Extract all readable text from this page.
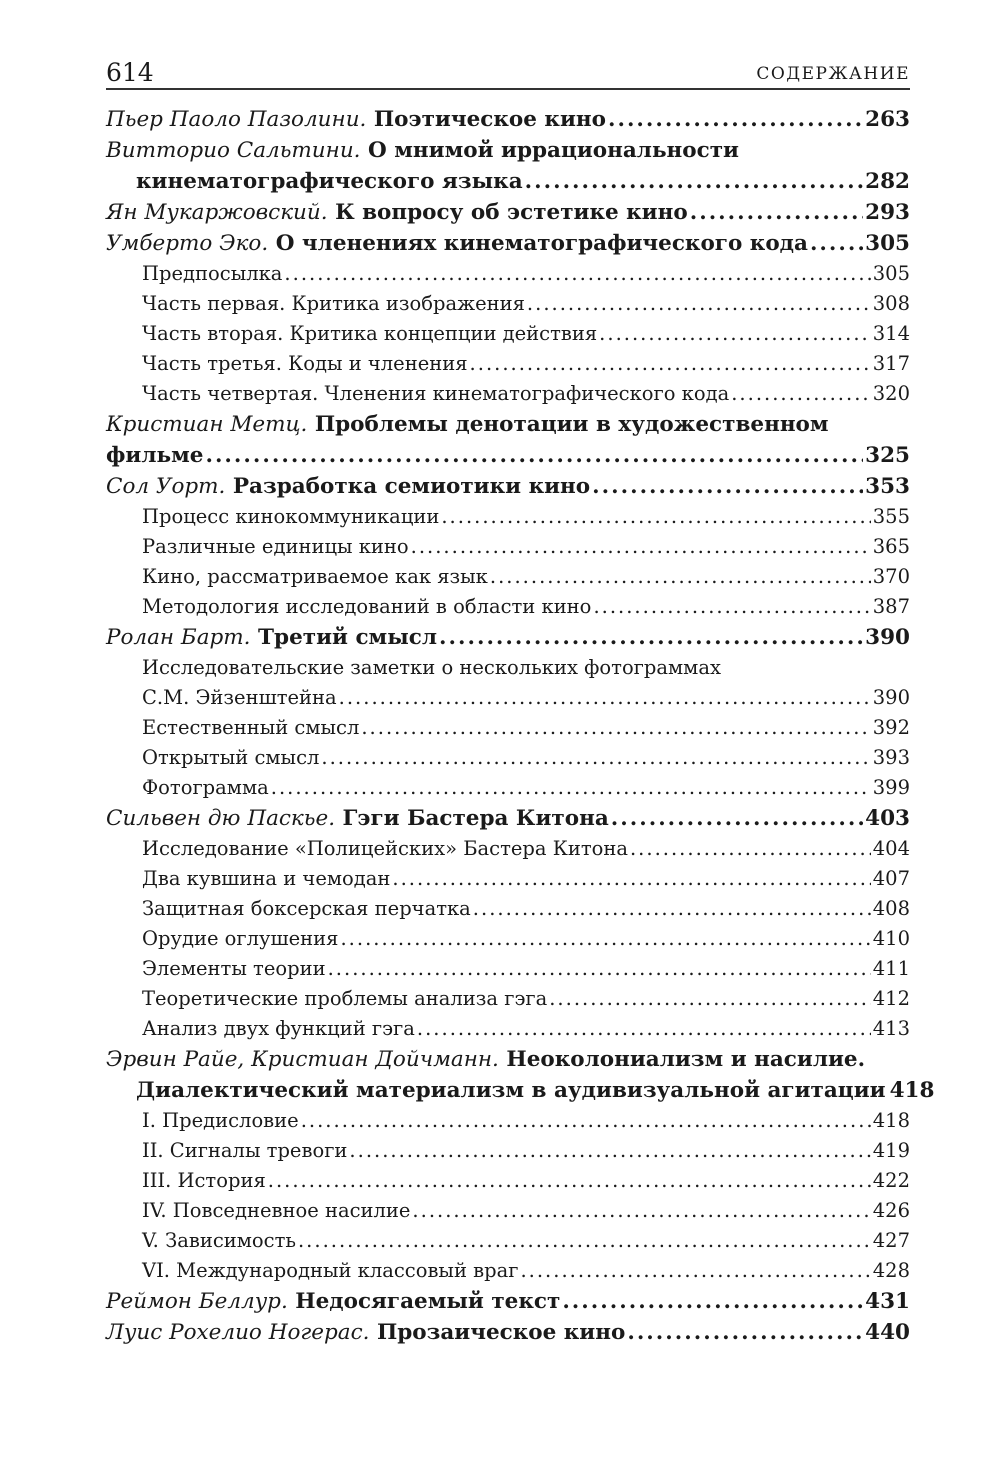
614	СОДЕРЖАНИЕ
Пьер Паоло Пазолини. Поэтическое кино .....	263
Витторио Сальтини. О мнимой иррациональности
кинематографического языка .....	282
Ян Мукаржовский. К вопросу об эстетике кино .....	293
Умберто Эко. О членениях кинематографического кода .....	305
Предпосылка .....	305
Часть первая. Критика изображения .....	308
Часть вторая. Критика концепции действия .....	314
Часть третья. Коды и членения .....	317
Часть четвертая. Членения кинематографического кода .....	320
Кристиан Метц. Проблемы денотации в художественном
фильме .....	325
Сол Уорт. Разработка семиотики кино .....	353
Процесс кинокоммуникации .....	355
Различные единицы кино .....	365
Кино, рассматриваемое как язык .....	370
Методология исследований в области кино .....	387
Ролан Барт. Третий смысл .....	390
Исследовательские заметки о нескольких фотограммах
С.М. Эйзенштейна .....	390
Естественный смысл .....	392
Открытый смысл .....	393
Фотограмма .....	399
Сильвен дю Паскье. Гэги Бастера Китона .....	403
Исследование «Полицейских» Бастера Китона .....	404
Два кувшина и чемодан .....	407
Защитная боксерская перчатка .....	408
Орудие оглушения .....	410
Элементы теории .....	411
Теоретические проблемы анализа гэга .....	412
Анализ двух функций гэга .....	413
Эрвин Райе, Кристиан Дойчманн. Неоколониализм и насилие.
Диалектический материализм в аудивизуальной агитации 418
I. Предисловие .....	418
II. Сигналы тревоги .....	419
III. История .....	422
IV. Повседневное насилие .....	426
V. Зависимость .....	427
VI. Международный классовый враг .....	428
Реймон Беллур. Недосягаемый текст .....	431
Луис Рохелио Ногерас. Прозаическое кино .....	440
